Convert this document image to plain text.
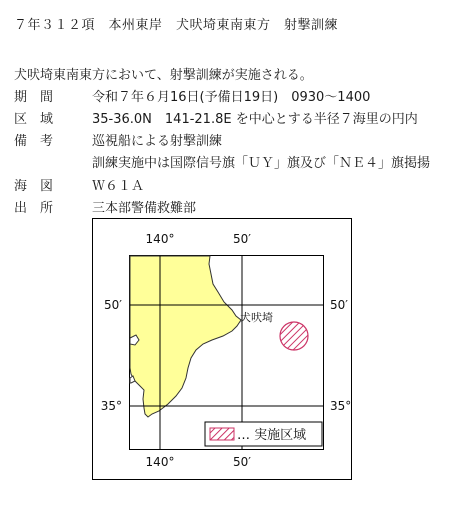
７年３１２項　本州東岸　犬吠埼東南東方　射撃訓練
犬吠埼東南東方において、射撃訓練が実施される。
期　間	令和７年６月16日(予備日19日)　0930～1400
区　域	35-36.0N　141-21.8E を中心とする半径７海里の円内
備　考	巡視船による射撃訓練
訓練実施中は国際信号旗「ＵＹ」旗及び「ＮＥ４」旗掲揚
海　図	Ｗ６１Ａ
出　所	三本部警備救難部
140°	50′
50′
35°
50′
35°
犬吠埼
… 実施区域
140°	50′
